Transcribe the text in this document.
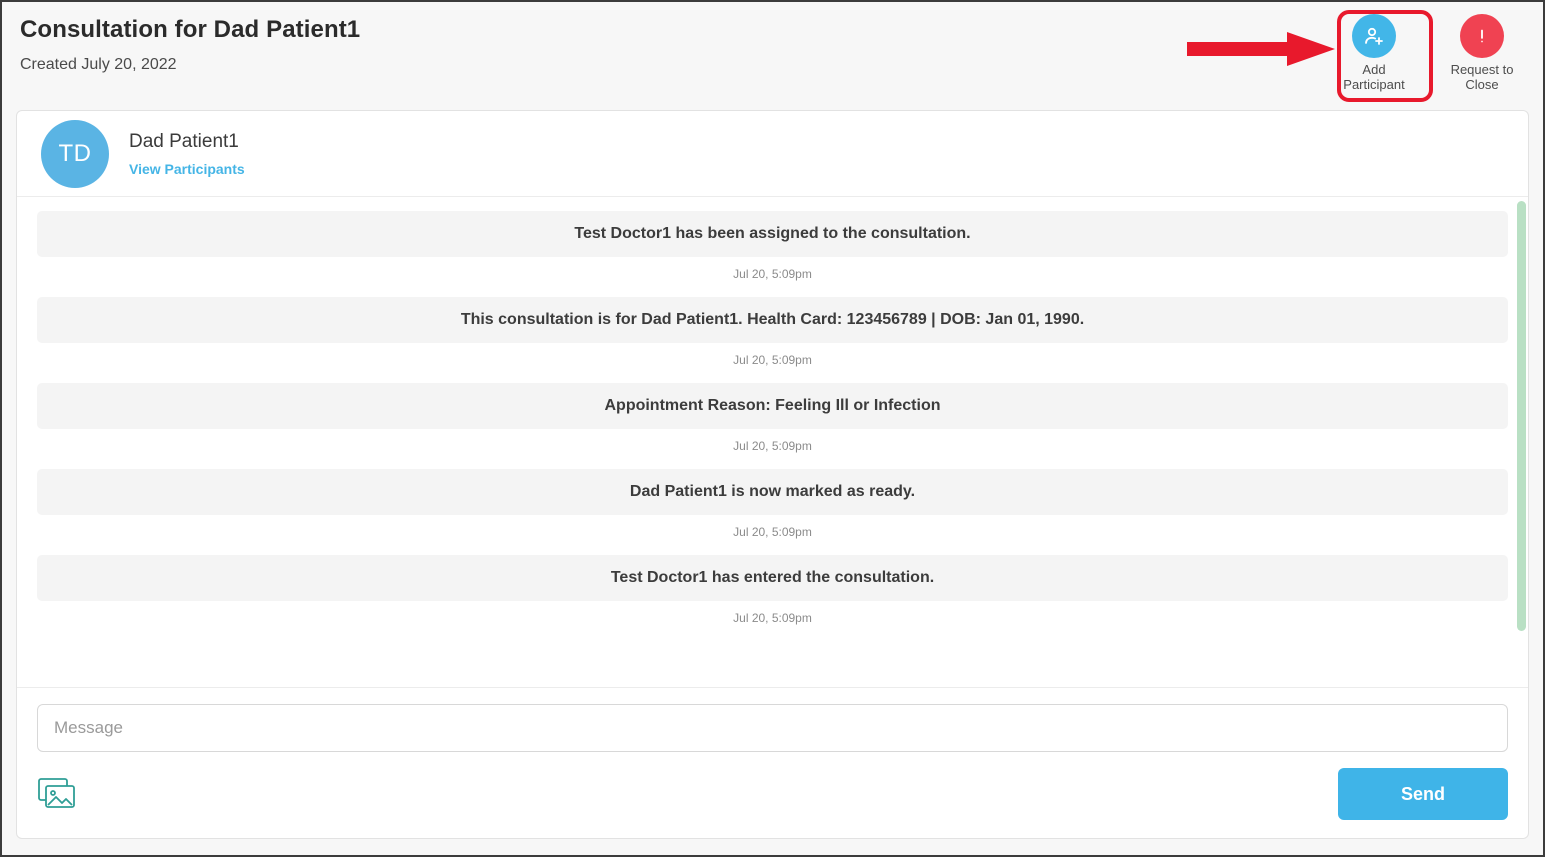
Consultation for Dad Patient1
Created July 20, 2022	Add
Participant
Request to
Close
TD	Dad Patient1
View Participants
Test Doctor1 has been assigned to the consultation.
Jul 20, 5:09pm
This consultation is for Dad Patient1. Health Card: 123456789 | DOB: Jan 01, 1990.
Jul 20, 5:09pm
Appointment Reason: Feeling Ill or Infection
Jul 20, 5:09pm
Dad Patient1 is now marked as ready.
Jul 20, 5:09pm
Test Doctor1 has entered the consultation.
Jul 20, 5:09pm
Message
Send
